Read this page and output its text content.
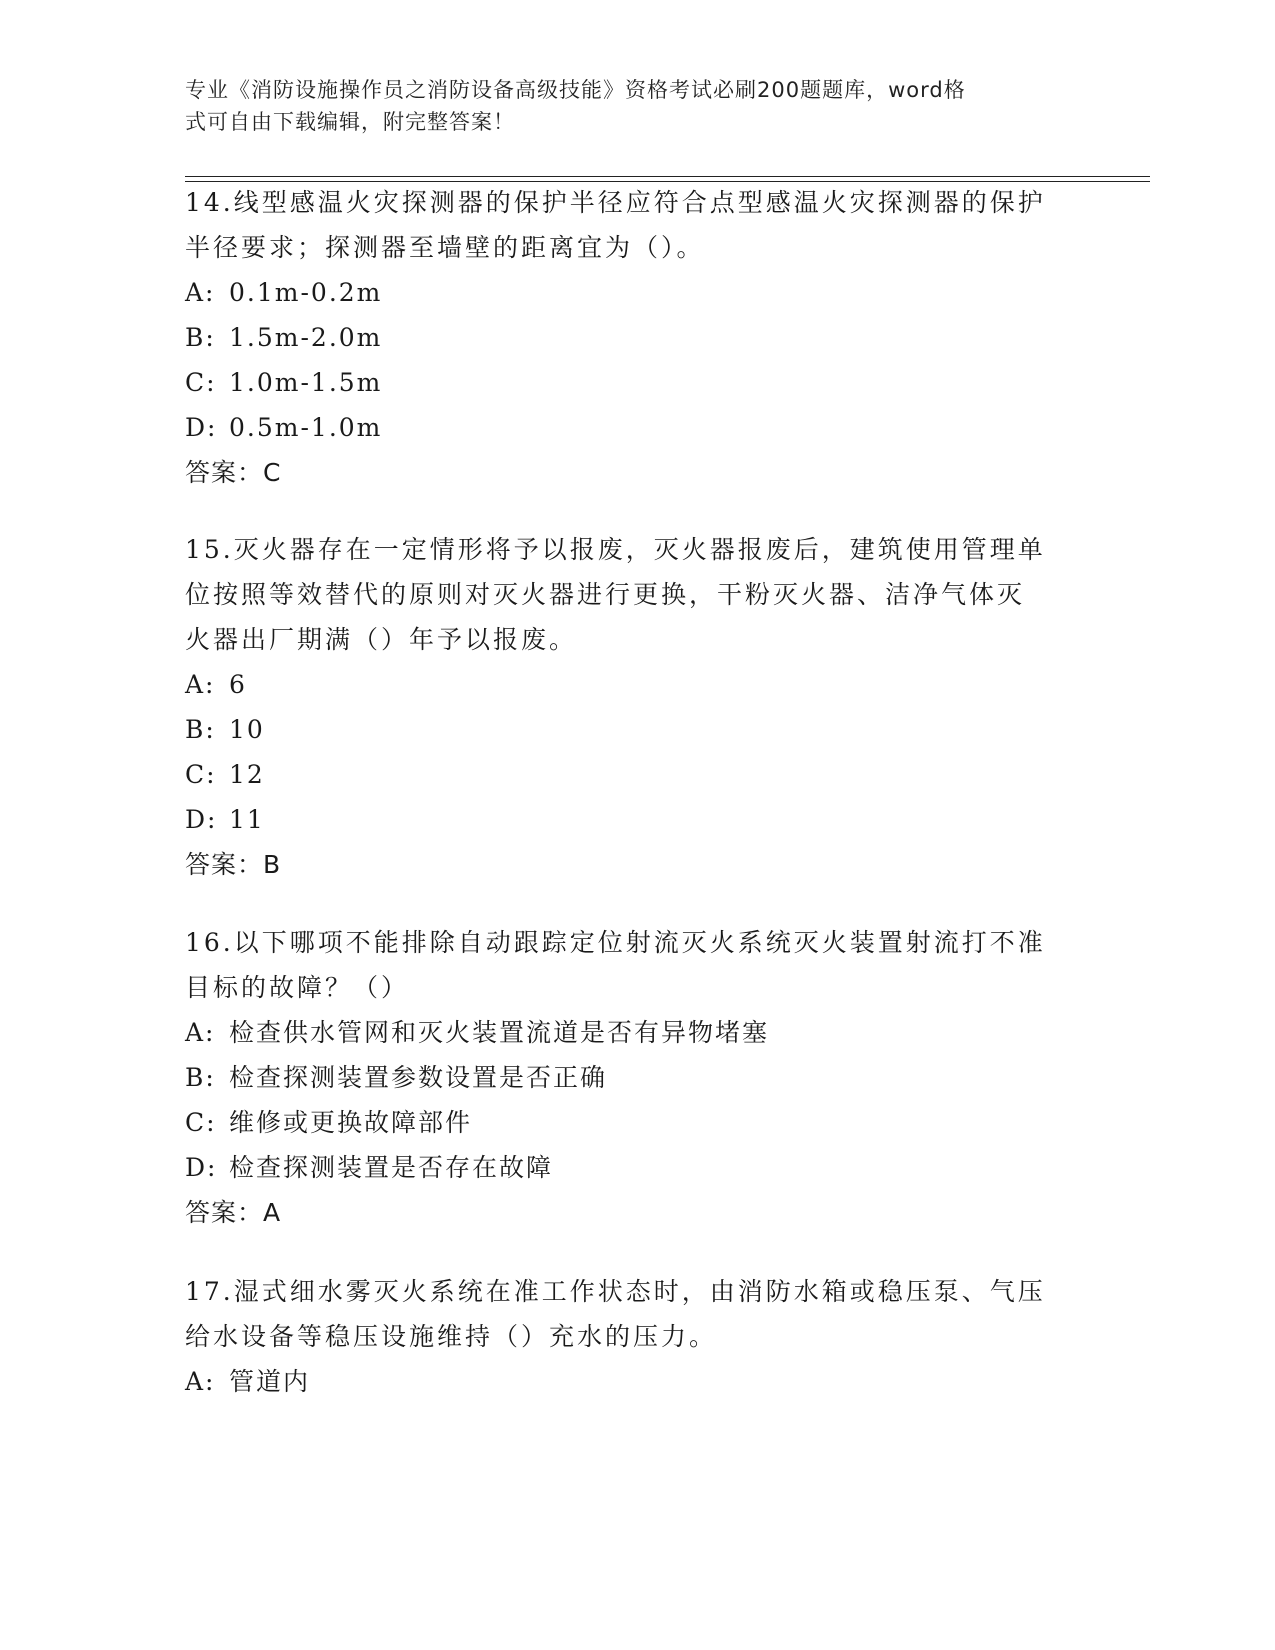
专业《消防设施操作员之消防设备高级技能》资格考试必刷200题题库，word格
式可自由下载编辑，附完整答案！

14.线型感温火灾探测器的保护半径应符合点型感温火灾探测器的保护

半径要求；探测器至墙壁的距离宜为（）。

A: 0.1m-0.2m

B: 1.5m-2.0m

C: 1.0m-1.5m

D: 0.5m-1.0m

答案：C

15.灭火器存在一定情形将予以报废，灭火器报废后，建筑使用管理单

位按照等效替代的原则对灭火器进行更换，干粉灭火器、洁净气体灭

火器出厂期满（）年予以报废。

A: 6

B: 10

C: 12

D: 11

答案：B

16.以下哪项不能排除自动跟踪定位射流灭火系统灭火装置射流打不准

目标的故障？（）

A: 检查供水管网和灭火装置流道是否有异物堵塞

B: 检查探测装置参数设置是否正确

C: 维修或更换故障部件

D: 检查探测装置是否存在故障

答案：A

17.湿式细水雾灭火系统在准工作状态时，由消防水箱或稳压泵、气压

给水设备等稳压设施维持（）充水的压力。

A: 管道内
